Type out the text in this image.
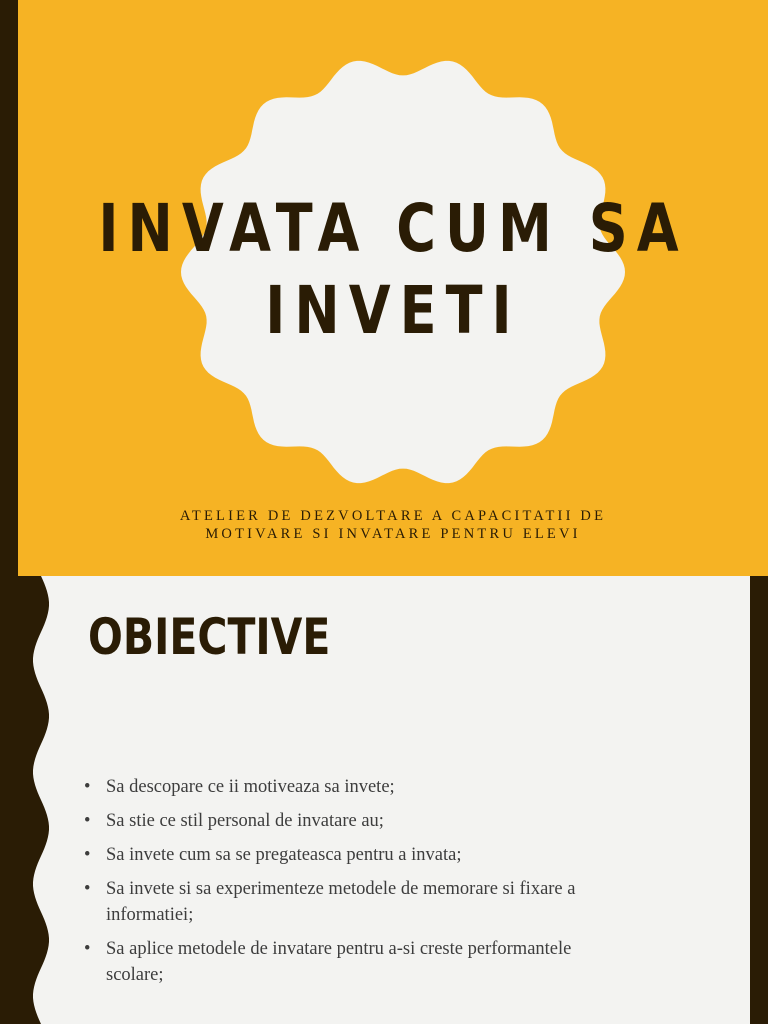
INVATA CUM SA
INVETI
ATELIER DE DEZVOLTARE A CAPACITATII DE
MOTIVARE SI INVATARE PENTRU ELEVI
OBIECTIVE
• Sa descopare ce ii motiveaza sa invete;
• Sa stie ce stil personal de invatare au;
• Sa invete cum sa se pregateasca pentru a invata;
• Sa invete si sa experimenteze metodele de memorare si fixare a
informatiei;
• Sa aplice metodele de invatare pentru a-si creste performantele
scolare;
